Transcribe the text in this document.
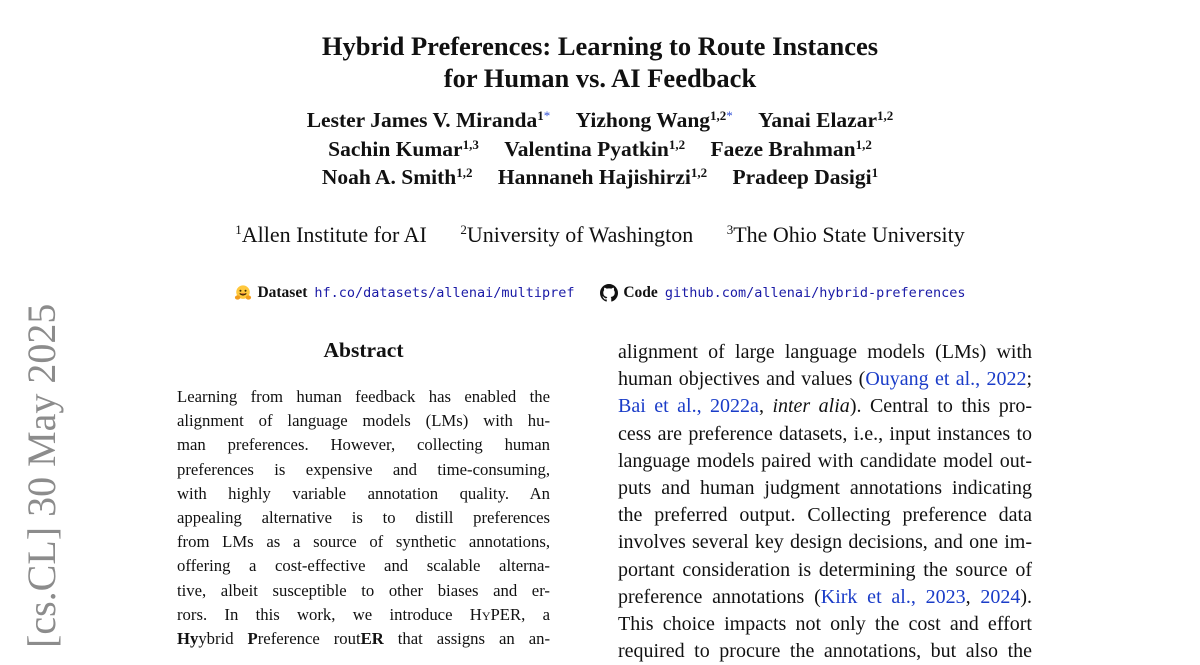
[cs.CL] 30 May 2025
Hybrid Preferences: Learning to Route Instances
for Human vs. AI Feedback
Lester James V. Miranda$^{1*}$ Yizhong Wang$^{1,2*}$ Yanai Elazar$^{1,2}$
Sachin Kumar$^{1,3}$ Valentina Pyatkin$^{1,2}$ Faeze Brahman$^{1,2}$
Noah A. Smith$^{1,2}$ Hannaneh Hajishirzi$^{1,2}$ Pradeep Dasigi$^1$
$^1$Allen Institute for AI	$^2$University of Washington	$^3$The Ohio State University
Dataset hf.co/datasets/allenai/multipref
	Code github.com/allenai/hybrid-preferences
Abstract
Learning from human feedback has enabled the
alignment of language models (LMs) with hu-
man preferences. However, collecting human
preferences is expensive and time-consuming,
with highly variable annotation quality. An
appealing alternative is to distill preferences
from LMs as a source of synthetic annotations,
offering a cost-effective and scalable alterna-
tive, albeit susceptible to other biases and er-
rors. In this work, we introduce HyPER, a
Hyybrid Preference routER that assigns an an-
alignment of large language models (LMs) with
human objectives and values (Ouyang et al., 2022;
Bai et al., 2022a, inter alia). Central to this pro-
cess are preference datasets, i.e., input instances to
language models paired with candidate model out-
puts and human judgment annotations indicating
the preferred output. Collecting preference data
involves several key design decisions, and one im-
portant consideration is determining the source of
preference annotations (Kirk et al., 2023, 2024).
This choice impacts not only the cost and effort
required to procure the annotations, but also the
